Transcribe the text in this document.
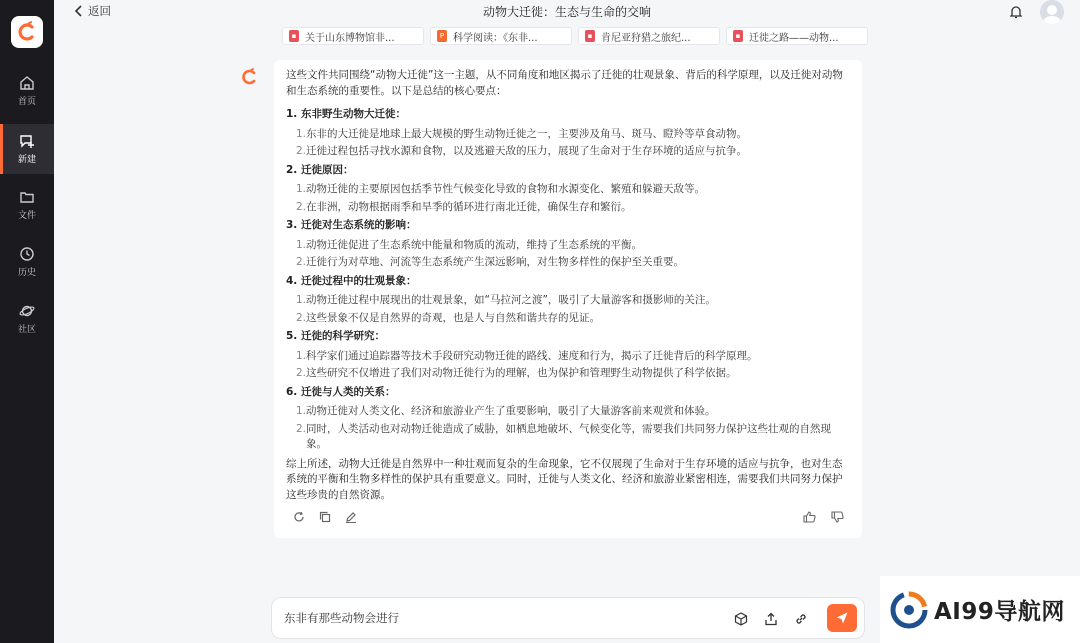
首页
新建
文件
历史
社区
返回	动物大迁徙：生态与生命的交响
▪ 关于山东博物馆非...	P 科学阅读：《东非...	▪ 肯尼亚狩猎之旅纪...	▪ 迁徙之路——动物...
这些文件共同围绕“动物大迁徙”这一主题，从不同角度和地区揭示了迁徙的壮观景象、背后的科学原理，以及迁徙对动物和生态系统的重要性。以下是总结的核心要点：
1. 东非野生动物大迁徙：
1. 东非的大迁徙是地球上最大规模的野生动物迁徙之一，主要涉及角马、斑马、瞪羚等草食动物。
2. 迁徙过程包括寻找水源和食物，以及逃避天敌的压力，展现了生命对于生存环境的适应与抗争。
2. 迁徙原因：
1. 动物迁徙的主要原因包括季节性气候变化导致的食物和水源变化、繁殖和躲避天敌等。
2. 在非洲，动物根据雨季和旱季的循环进行南北迁徙，确保生存和繁衍。
3. 迁徙对生态系统的影响：
1. 动物迁徙促进了生态系统中能量和物质的流动，维持了生态系统的平衡。
2. 迁徙行为对草地、河流等生态系统产生深远影响，对生物多样性的保护至关重要。
4. 迁徙过程中的壮观景象：
1. 动物迁徙过程中展现出的壮观景象，如“马拉河之渡”，吸引了大量游客和摄影师的关注。
2. 这些景象不仅是自然界的奇观，也是人与自然和谐共存的见证。
5. 迁徙的科学研究：
1. 科学家们通过追踪器等技术手段研究动物迁徙的路线、速度和行为，揭示了迁徙背后的科学原理。
2. 这些研究不仅增进了我们对动物迁徙行为的理解，也为保护和管理野生动物提供了科学依据。
6. 迁徙与人类的关系：
1. 动物迁徙对人类文化、经济和旅游业产生了重要影响，吸引了大量游客前来观赏和体验。
2. 同时，人类活动也对动物迁徙造成了威胁，如栖息地破坏、气候变化等，需要我们共同努力保护这些壮观的自然现象。
综上所述，动物大迁徙是自然界中一种壮观而复杂的生命现象，它不仅展现了生命对于生存环境的适应与抗争，也对生态系统的平衡和生物多样性的保护具有重要意义。同时，迁徙与人类文化、经济和旅游业紧密相连，需要我们共同努力保护这些珍贵的自然资源。
东非有那些动物会进行	AI99导航网
